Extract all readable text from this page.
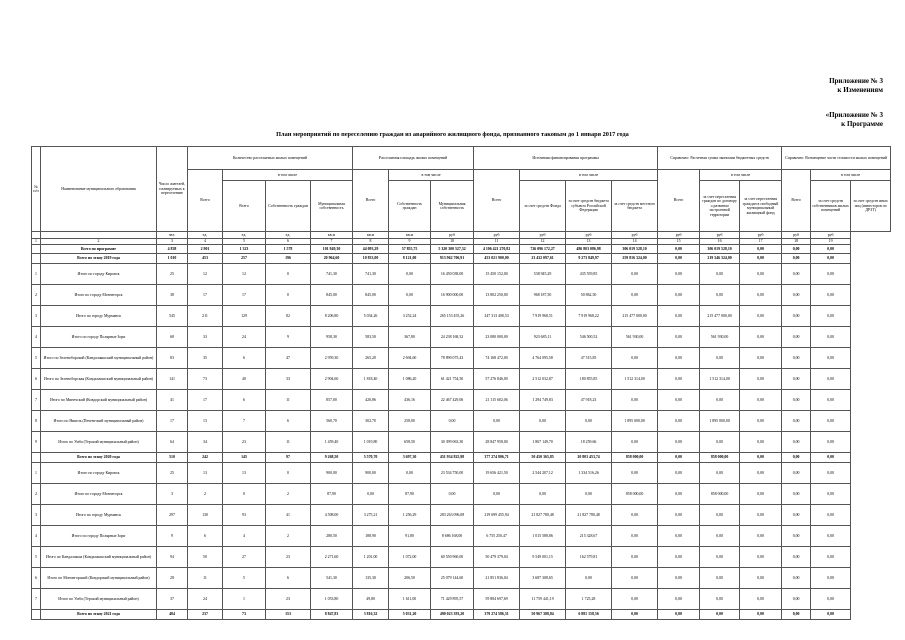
Приложение № 3
к Изменениям
«Приложение № 3
к Программе
План мероприятий по переселению граждан из аварийного жилищного фонда, признанного таковым до 1 января 2017 года
№ п/п	Наименование муниципального образования	Число жителей, планируемых к переселению	Количество расселяемых жилых помещений				Расселяемая площадь жилых помещений			Источники финансирования программы				Справочно: Расчетная сумма экономии бюджетных средств			Справочно: Возмещение части стоимости жилых помещений		
			Всего	в том числе			Всего	в том числе		Всего	в том числе			Всего	в том числе		Всего	в том числе	
				Всего	Собственность граждан	Муниципальная собственность		Собственность граждан	Муниципальная собственность		за счет средств Фонда	за счет средств бюджета субъекта Российской Федерации	за счет средств местного бюджета		за счет переселения граждан по договору о развитии застроенной территории	за счет переселения граждан в свободный муниципальный жилищный фонд		за счет средств собственников жилых помещений	за счет средств иных лиц (инвесторов по ДРЗТ)
		чел.	ед.	ед.	ед.	кв.м	кв.м	кв.м	руб	руб	руб	руб	руб	руб	руб	руб	руб	руб	
1	2	3	4	5	6	7	8	9	10	11	12	13	14	15	16	17	18	19	
	Всего по программе	4 838	2 901	1 323	1 578	101 949,30	44 093,29	57 855,75	5 320 300 527,32	4 106 421 270,82	726 096 172,27	486 803 086,98	306 019 528,10	0,00	306 019 528,10	0,00	0,00	0,00	
	Всего по этапу 2019 года	1 010	453	257	196	20 964,60	10 833,00	8 121,00	913 962 706,91	453 021 900,00	23 432 097,61	9 273 849,97	259 816 324,00	0,00	219 546 324,00	0,00	0,00	0,00	
1	Итого по городу Кировск	25	12	12	0	741,30	741,30	0,00	16 450 038,00	15 450 152,00	538 945,29	435 559,85	0,00	0,00	0,00	0,00	0,00	0,00	
2	Итого по городу Мончегорск	38	17	17	0	845,00	845,00	0,00	16 900 000,00	13 802 250,00	968 187,50	50 862,50	0,00	0,00	0,00	0,00	0,00	0,00	
3	Итого по городу Мурманск	545	211	129	82	8 206,80	5 034,26	3 252,24	265 153 455,26	247 313 408,53	7 919 968,51	7 919 968,22	215 477 000,00	0,00	215 477 000,00	0,00	0,00	0,00	
4	Итого по городу Полярные Зори	68	33	24	9	958,30	583,50	367,80	24 238 168,32	23 080 000,00	923 685,11	546 500,52	561 930,00	0,00	561 930,00	0,00	0,00	0,00	
5	Итого по Зеленоборский (Кандалакшский муниципальный район)	83	35	6	47	2 959,30	265,20	2 694,60	78 890 075,43	74 168 472,00	4 764 095,58	47 515,85	0,00	0,00	0,00	0,00	0,00	0,00	
6	Итого по Зеленоборская (Кандалакшский муниципальный район)	141	73	40	33	2 904,60	1 818,40	1 086,20	61 421 754,50	57 276 846,00	2 512 032,87	180 855,85	1 512 314,00	0,00	1 512 314,00	0,00	0,00	0,00	
7	Итого по Минечский (Ковдорский муниципальный район)	41	17	6	11	857,00	420,86	436,16	22 467 429,06	21 115 602,06	1 294 749,83	47 918,23	0,00	0,00	0,00	0,00	0,00	0,00	
8	Итого по Никель (Печенгский муниципальный район)	17	13	7	6	560,70	302,70	258,00	0,00	0,00	0,00	0,00	1 895 000,00	0,00	1 895 000,00	0,00	0,00	0,00	
9	Итого по Умба (Терский муниципальный район)	64	34	23	11	1 459,40	1 019,80	658,50	30 399 063,30	28 847 958,00	1 867 149,70	18 259,66	0,00	0,00	0,00	0,00	0,00	0,00	
	Всего по этапу 2020 года	510	242	145	97	9 268,50	5 570,70	3 697,30	451 934 825,98	377 274 806,71	50 450 365,85	20 803 453,74	858 000,00	0,00	858 000,00	0,00	0,00	0,00	
1	Итого по городу Кировск	25	13	13	0	900,00	900,00	0,00	23 534 750,00	19 656 421,50	2 544 207,12	1 334 516,26	0,00	0,00	0,00	0,00	0,00	0,00	
2	Итого по городу Мончегорск	3	2	0	2	87,90	0,00	87,90	0,00	0,00	0,00	0,00	858 000,00	0,00	858 000,00	0,00	0,00	0,00	
3	Итого по городу Мурманск	297	130	93	41	4 508,00	3 275,21	1 256,29	283 263 096,08	219 699 455,94	21 827 780,48	21 827 780,48	0,00	0,00	0,00	0,00	0,00	0,00	
4	Итого по городу Полярные Зори	9	6	4	2	280,50	188,90	91,80	8 686 168,00	6 755 250,47	1 015 588,86	215 328,67	0,00	0,00	0,00	0,00	0,00	0,00	
5	Итого по Кандалакша (Кандалакшский муниципальный район)	94	50	27	23	2 271,60	1 201,00	1 072,00	60 550 960,00	50 479 379,04	9 549 001,15	162 579,81	0,00	0,00	0,00	0,00	0,00	0,00	
6	Итого по Мончегорский (Ковдорский муниципальный район)	28	11	5	6	541,30	135,30	206,50	25 079 144,60	21 851 836,04	3 687 308,65	0,00	0,00	0,00	0,00	0,00	0,00	0,00	
7	Итого по Умба (Терский муниципальный район)	37	24	1	23	1 053,80	49,80	1 611,00	71 429 895,57	59 884 697,69	11 759 441,19	1 725,28	0,00	0,00	0,00	0,00	0,00	0,00	
	Всего по этапу 2021 года	484	237	73	153	8 847,83	3 816,32	5 031,20	490 023 393,20	379 274 586,51	50 967 308,84	6 881 158,56	0,00	0,00	0,00	0,00	0,00	0,00	
